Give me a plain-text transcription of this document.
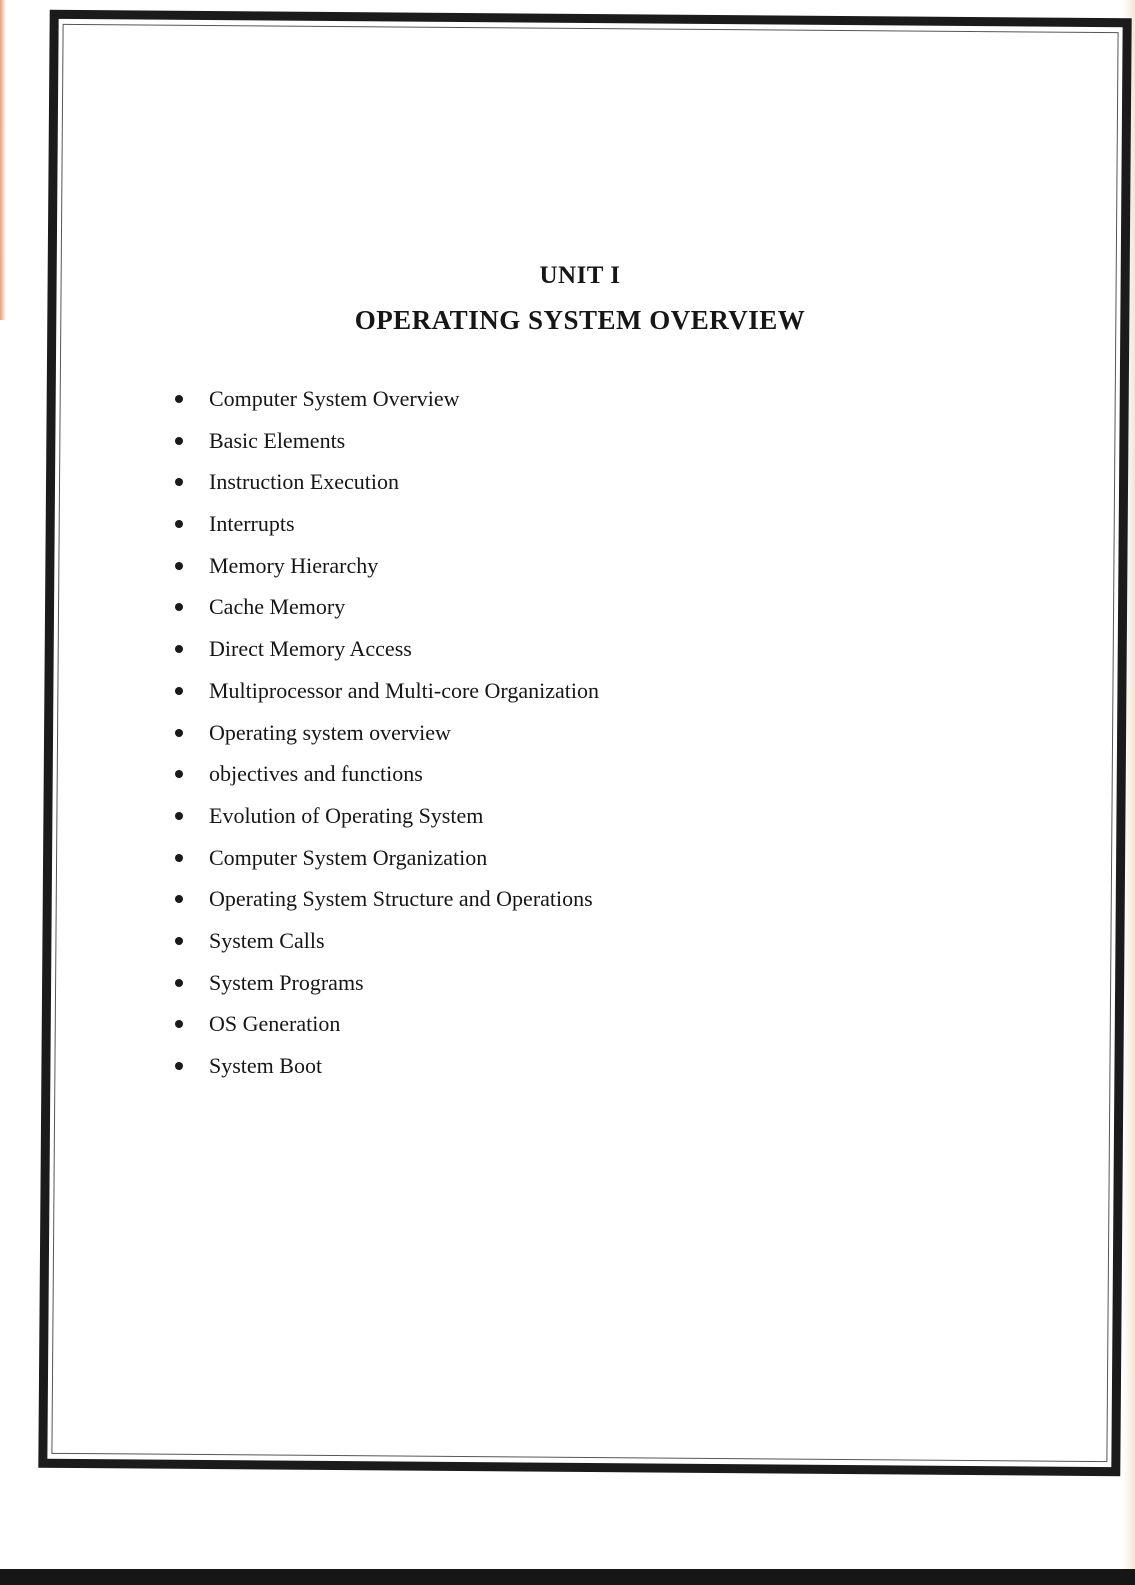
UNIT I
OPERATING SYSTEM OVERVIEW
Computer System Overview
Basic Elements
Instruction Execution
Interrupts
Memory Hierarchy
Cache Memory
Direct Memory Access
Multiprocessor and Multi-core Organization
Operating system overview
objectives and functions
Evolution of Operating System
Computer System Organization
Operating System Structure and Operations
System Calls
System Programs
OS Generation
System Boot
